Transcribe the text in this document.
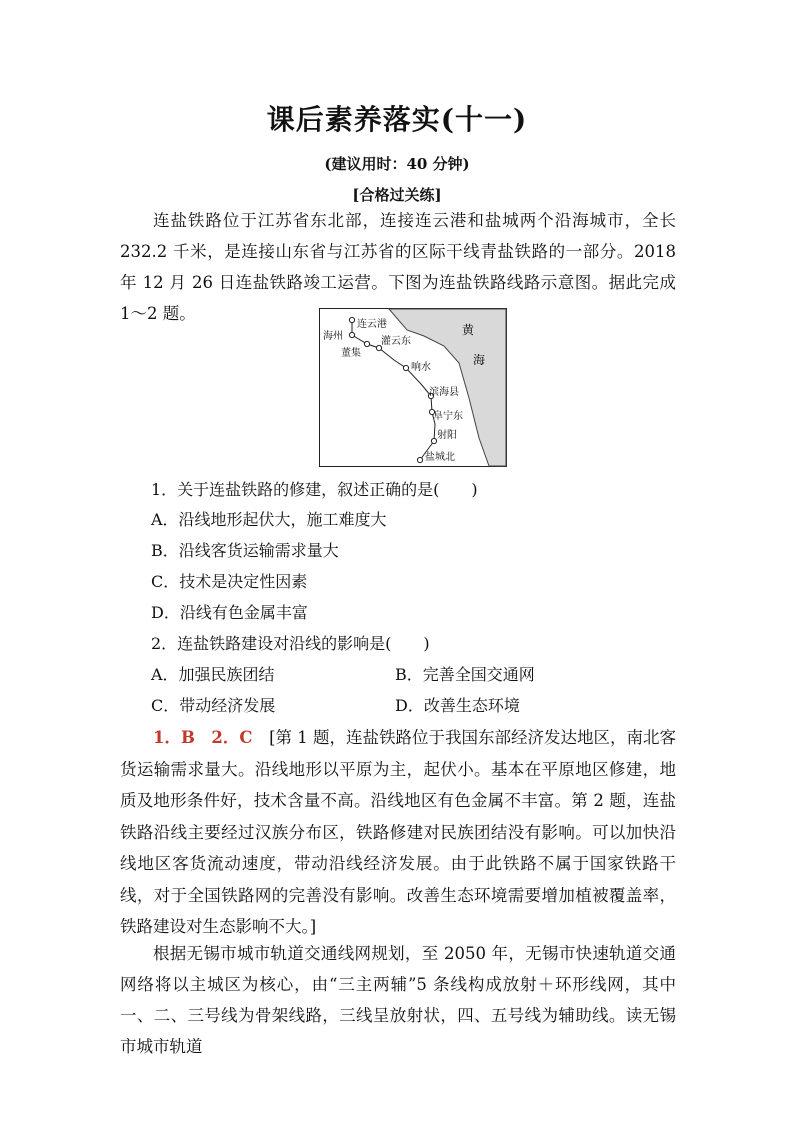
课后素养落实(十一)
(建议用时：40 分钟)
[合格过关练]
连盐铁路位于江苏省东北部，连接连云港和盐城两个沿海城市，全长 232.2 千米，是连接山东省与江苏省的区际干线青盐铁路的一部分。2018 年 12 月 26 日连盐铁路竣工运营。下图为连盐铁路线路示意图。据此完成 1～2 题。
黄
海
连云港
海州
董集
灌云东
响水
滨海县
阜宁东
射阳
盐城北
1．关于连盐铁路的修建，叙述正确的是(　　)
A．沿线地形起伏大，施工难度大
B．沿线客货运输需求量大
C．技术是决定性因素
D．沿线有色金属丰富
2．连盐铁路建设对沿线的影响是(　　)
A．加强民族团结	B．完善全国交通网
C．带动经济发展	D．改善生态环境
1．B　2．C　 [第 1 题，连盐铁路位于我国东部经济发达地区，南北客货运输需求量大。沿线地形以平原为主，起伏小。基本在平原地区修建，地质及地形条件好，技术含量不高。沿线地区有色金属不丰富。第 2 题，连盐铁路沿线主要经过汉族分布区，铁路修建对民族团结没有影响。可以加快沿线地区客货流动速度，带动沿线经济发展。由于此铁路不属于国家铁路干线，对于全国铁路网的完善没有影响。改善生态环境需要增加植被覆盖率，铁路建设对生态影响不大。]
根据无锡市城市轨道交通线网规划，至 2050 年，无锡市快速轨道交通网络将以主城区为核心，由“三主两辅”5 条线构成放射＋环形线网，其中一、二、三号线为骨架线路，三线呈放射状，四、五号线为辅助线。读无锡市城市轨道
